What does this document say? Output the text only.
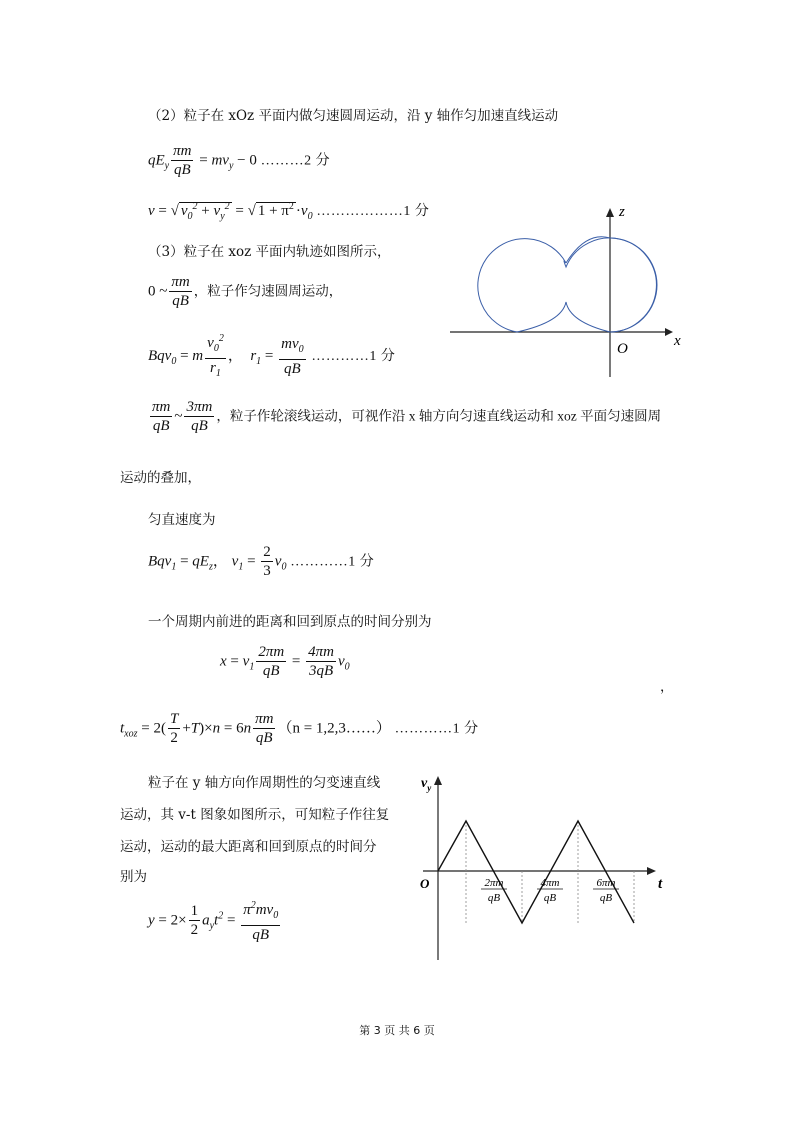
（2）粒子在 xOz 平面内做匀速圆周运动，沿 y 轴作匀加速直线运动
$qE_y \frac{\pi m}{qB} = mv_y - 0$ ………2 分
v = √ $v_0^2 + v_y^2$ = √ $1 + \pi^2 \cdot v_0$ ………………1 分
（3）粒子在 xoz 平面内轨迹如图所示，
0 ~ $\frac{\pi m}{qB}$ ，粒子作匀速圆周运动，
Bqv$_0$ = m $\frac{v_0^2}{r_1}$ ，  $r_1 = \frac{mv_0}{qB}$ …………1 分
$\frac{\pi m}{qB}$ ~ $\frac{3\pi m}{qB}$ ，粒子作轮滚线运动，可视作沿 x 轴方向匀速直线运动和 xoz 平面匀速圆周
运动的叠加，
匀直速度为
$Bqv_1 = qE_z$， $v_1 = \frac{2}{3} v_0$ …………1 分
一个周期内前进的距离和回到原点的时间分别为
$x = v_1 \frac{2\pi m}{qB} = \frac{4\pi m}{3qB} v_0$
，
$t_{xoz} = 2( \frac{T}{2} +T)\times n = 6n \frac{\pi m}{qB} (n$ = 1,2,3……） …………1 分
粒子在 y 轴方向作周期性的匀变速直线
运动，其 v-t 图象如图所示，可知粒子作往复
运动，运动的最大距离和回到原点的时间分
别为
$y = 2\times \frac{1}{2} a_yt^2 = \frac{\pi^2mv_0}{qB}$
x
z
O
$v_y$
t
O	2πm
qB
4πm
qB
6πm
qB
第 3 页 共 6 页
